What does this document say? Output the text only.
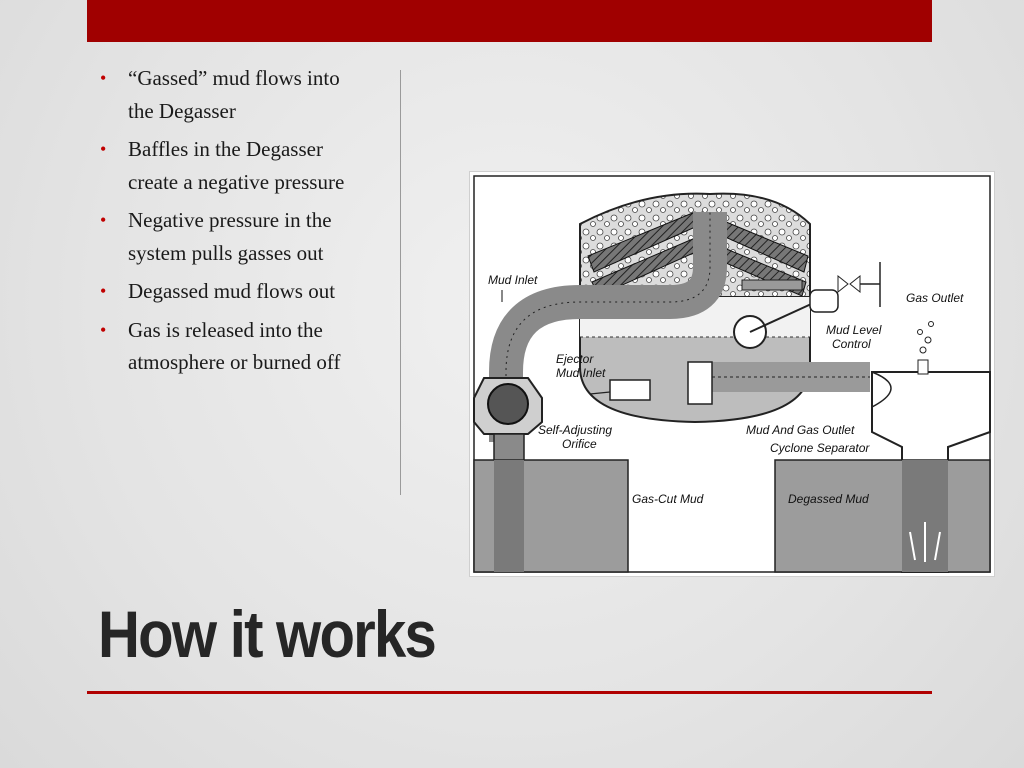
• “Gassed” mud flows into the Degasser
• Baffles in the Degasser create a negative pressure
• Negative pressure in the system pulls gasses out
• Degassed mud flows out
• Gas is released into the atmosphere or burned off
Mud Inlet
Gas Outlet
Mud Level
Control
Ejector
Mud Inlet
Self-Adjusting
Orifice
Mud And Gas Outlet
Cyclone Separator
Gas-Cut Mud	Degassed Mud
How it works
